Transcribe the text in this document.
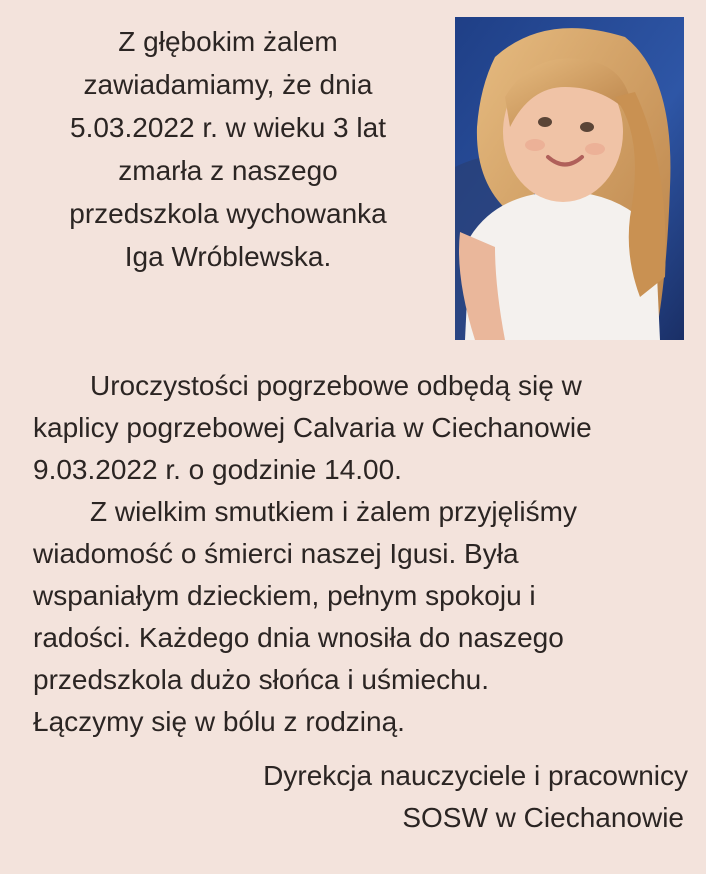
Z głębokim żalem
zawiadamiamy, że dnia
5.03.2022 r. w wieku 3 lat
zmarła z naszego
przedszkola wychowanka
Iga Wróblewska.

Uroczystości pogrzebowe odbędą się w
kaplicy pogrzebowej Calvaria w Ciechanowie
9.03.2022 r. o godzinie 14.00.
Z wielkim smutkiem i żalem przyjęliśmy
wiadomość o śmierci naszej Igusi. Była
wspaniałym dzieckiem, pełnym spokoju i
radości. Każdego dnia wnosiła do naszego
przedszkola dużo słońca i uśmiechu.
Łączymy się w bólu z rodziną.

Dyrekcja nauczyciele i pracownicy
SOSW w Ciechanowie
